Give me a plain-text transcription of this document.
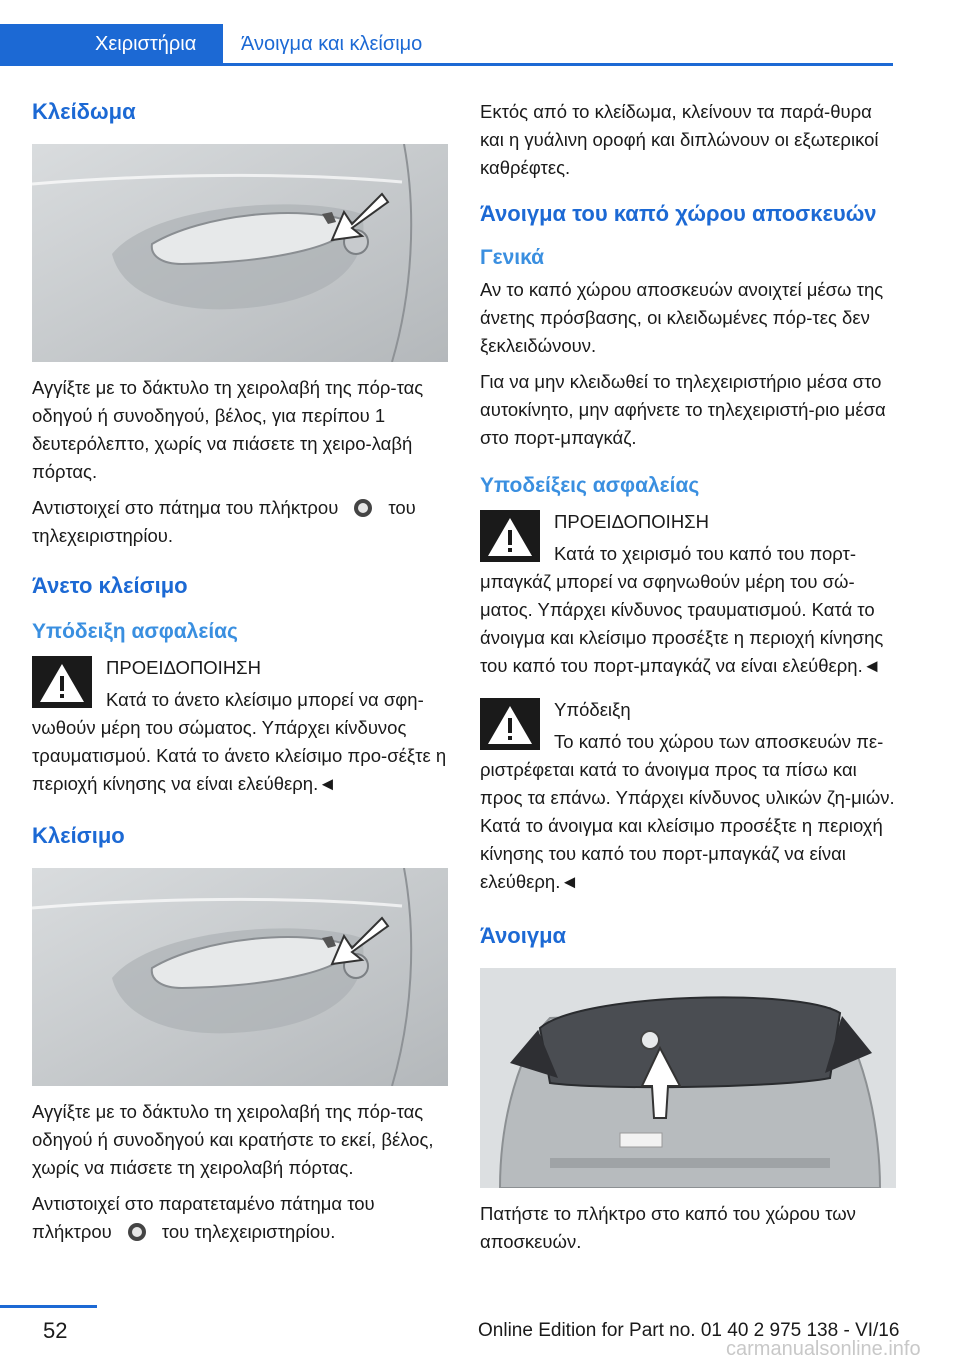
Χειριστήρια	Άνοιγμα και κλείσιμο
Κλείδωμα

Αγγίξτε με το δάκτυλο τη χειρολαβή της πόρ-τας οδηγού ή συνοδηγού, βέλος, για περίπου 1 δευτερόλεπτο, χωρίς να πιάσετε τη χειρο-λαβή πόρτας.

Αντιστοιχεί στο πάτημα του πλήκτρου	του τηλεχειριστηρίου.

Άνετο κλείσιμο
Υπόδειξη ασφαλείας

ΠΡΟΕΙΔΟΠΟΙΗΣΗ

Κατά το άνετο κλείσιμο μπορεί να σφη-νωθούν μέρη του σώματος. Υπάρχει κίνδυνος τραυματισμού. Κατά το άνετο κλείσιμο προ-σέξτε η περιοχή κίνησης να είναι ελεύθερη.◄

Κλείσιμο

Αγγίξτε με το δάκτυλο τη χειρολαβή της πόρ-τας οδηγού ή συνοδηγού και κρατήστε το εκεί, βέλος, χωρίς να πιάσετε τη χειρολαβή πόρτας.

Αντιστοιχεί στο παρατεταμένο πάτημα του πλήκτρου	του τηλεχειριστηρίου.

Εκτός από το κλείδωμα, κλείνουν τα παρά-θυρα και η γυάλινη οροφή και διπλώνουν οι εξωτερικοί καθρέφτες.

Άνοιγμα του καπό χώρου αποσκευών
Γενικά

Αν το καπό χώρου αποσκευών ανοιχτεί μέσω της άνετης πρόσβασης, οι κλειδωμένες πόρ-τες δεν ξεκλειδώνουν.

Για να μην κλειδωθεί το τηλεχειριστήριο μέσα στο αυτοκίνητο, μην αφήνετε το τηλεχειριστή-ριο μέσα στο πορτ-μπαγκάζ.

Υποδείξεις ασφαλείας

ΠΡΟΕΙΔΟΠΟΙΗΣΗ

Κατά το χειρισμό του καπό του πορτ-μπαγκάζ μπορεί να σφηνωθούν μέρη του σώ-ματος. Υπάρχει κίνδυνος τραυματισμού. Κατά το άνοιγμα και κλείσιμο προσέξτε η περιοχή κίνησης του καπό του πορτ-μπαγκάζ να είναι ελεύθερη.◄

Υπόδειξη

Το καπό του χώρου των αποσκευών πε-ριστρέφεται κατά το άνοιγμα προς τα πίσω και προς τα επάνω. Υπάρχει κίνδυνος υλικών ζη-μιών. Κατά το άνοιγμα και κλείσιμο προσέξτε η περιοχή κίνησης του καπό του πορτ-μπαγκάζ να είναι ελεύθερη.◄

Άνοιγμα

Πατήστε το πλήκτρο στο καπό του χώρου των αποσκευών.

52	Online Edition for Part no. 01 40 2 975 138 - VI/16
carmanualsonline.info
